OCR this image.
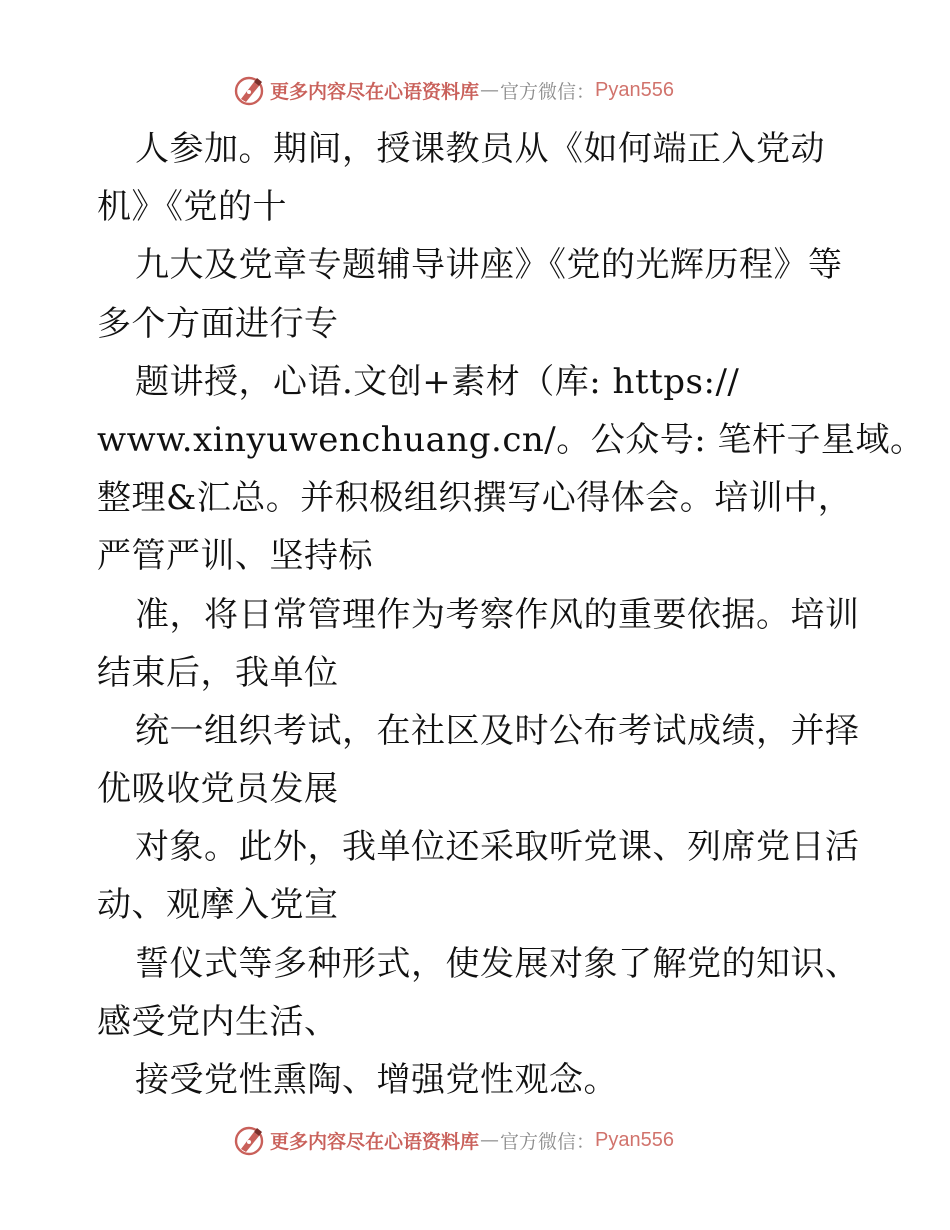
更多内容尽在心语资料库 — 官方微信： Pyan556
人参加。期间，授课教员从《如何端正入党动
机》《党的十
九大及党章专题辅导讲座》《党的光辉历程》等
多个方面进行专
题讲授，心语.文创+素材（库: https://
www.xinyuwenchuang.cn/。公众号: 笔杆子星域。
整理&汇总。并积极组织撰写心得体会。培训中，
严管严训、坚持标
准，将日常管理作为考察作风的重要依据。培训
结束后，我单位
统一组织考试，在社区及时公布考试成绩，并择
优吸收党员发展
对象。此外，我单位还采取听党课、列席党日活
动、观摩入党宣
誓仪式等多种形式，使发展对象了解党的知识、
感受党内生活、
接受党性熏陶、增强党性观念。
更多内容尽在心语资料库 — 官方微信： Pyan556
